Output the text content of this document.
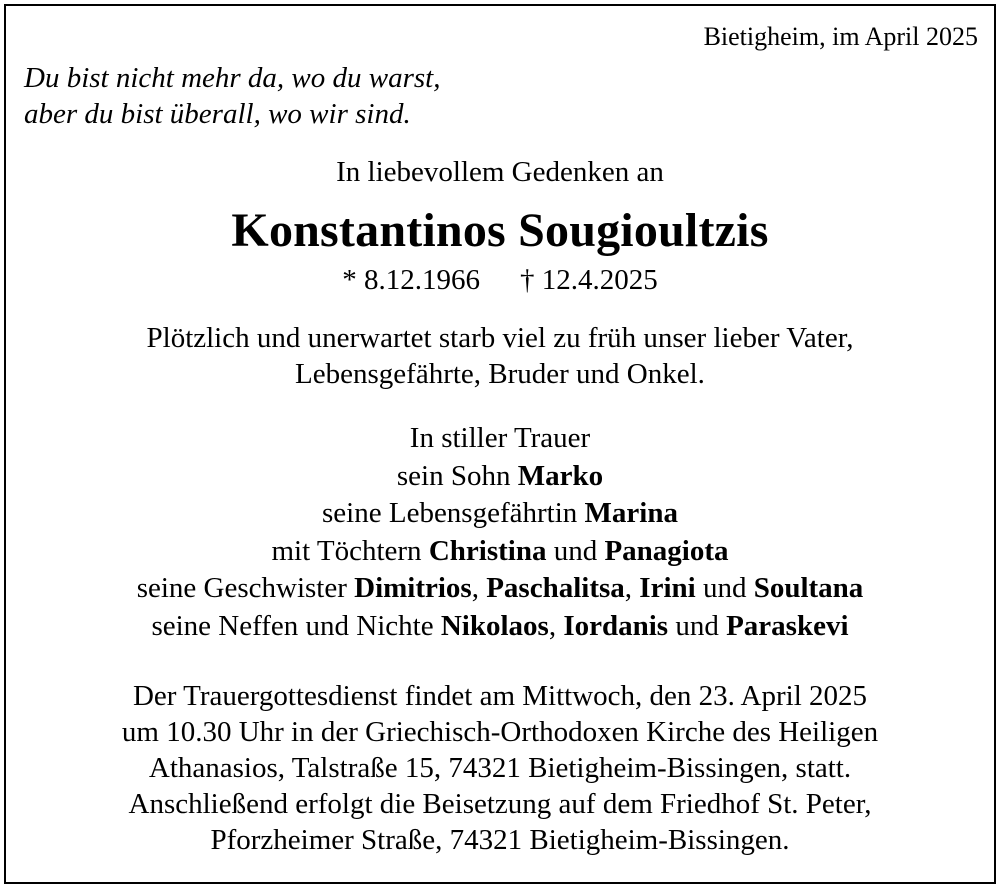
Bietigheim, im April 2025
Du bist nicht mehr da, wo du warst,
aber du bist überall, wo wir sind.
In liebevollem Gedenken an
Konstantinos Sougioultzis
* 8.12.1966 † 12.4.2025
Plötzlich und unerwartet starb viel zu früh unser lieber Vater,
Lebensgefährte, Bruder und Onkel.
In stiller Trauer
sein Sohn Marko
seine Lebensgefährtin Marina
mit Töchtern Christina und Panagiota
seine Geschwister Dimitrios, Paschalitsa, Irini und Soultana
seine Neffen und Nichte Nikolaos, Iordanis und Paraskevi
Der Trauergottesdienst findet am Mittwoch, den 23. April 2025
um 10.30 Uhr in der Griechisch-Orthodoxen Kirche des Heiligen
Athanasios, Talstraße 15, 74321 Bietigheim-Bissingen, statt.
Anschließend erfolgt die Beisetzung auf dem Friedhof St. Peter,
Pforzheimer Straße, 74321 Bietigheim-Bissingen.
